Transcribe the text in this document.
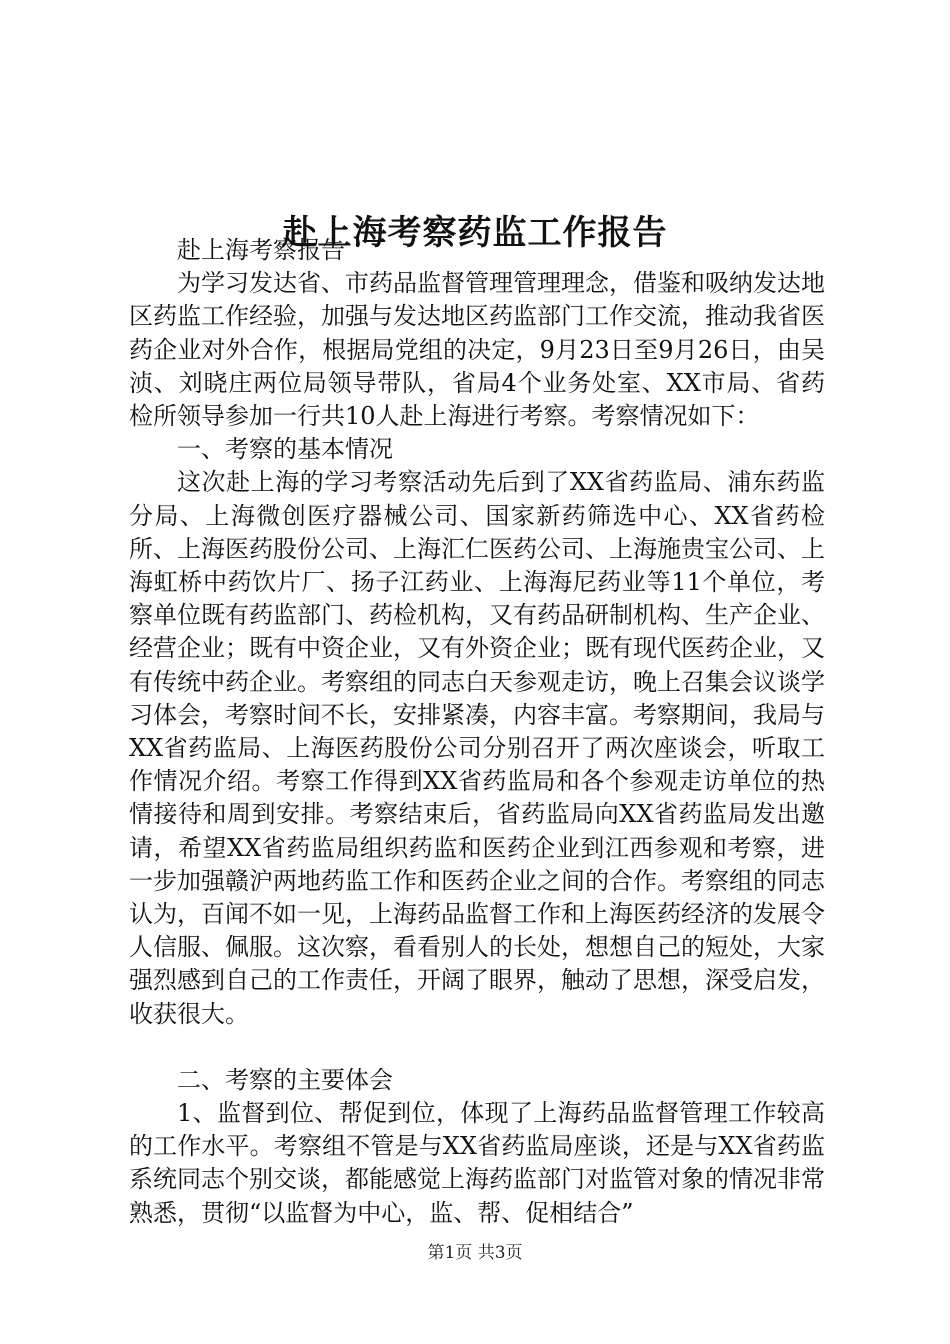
赴上海考察药监工作报告

赴上海考察报告

为学习发达省、市药品监督管理管理理念，借鉴和吸纳发达地区药监工作经验，加强与发达地区药监部门工作交流，推动我省医药企业对外合作，根据局党组的决定，9月23日至9月26日，由吴浈、刘晓庄两位局领导带队，省局4个业务处室、XX市局、省药检所领导参加一行共10人赴上海进行考察。考察情况如下：

一、考察的基本情况

这次赴上海的学习考察活动先后到了XX省药监局、浦东药监分局、上海微创医疗器械公司、国家新药筛选中心、XX省药检所、上海医药股份公司、上海汇仁医药公司、上海施贵宝公司、上海虹桥中药饮片厂、扬子江药业、上海海尼药业等11个单位，考察单位既有药监部门、药检机构，又有药品研制机构、生产企业、经营企业；既有中资企业，又有外资企业；既有现代医药企业，又有传统中药企业。考察组的同志白天参观走访，晚上召集会议谈学习体会，考察时间不长，安排紧凑，内容丰富。考察期间，我局与XX省药监局、上海医药股份公司分别召开了两次座谈会，听取工作情况介绍。考察工作得到XX省药监局和各个参观走访单位的热情接待和周到安排。考察结束后，省药监局向XX省药监局发出邀请，希望XX省药监局组织药监和医药企业到江西参观和考察，进一步加强赣沪两地药监工作和医药企业之间的合作。考察组的同志认为，百闻不如一见，上海药品监督工作和上海医药经济的发展令人信服、佩服。这次察，看看别人的长处，想想自己的短处，大家强烈感到自己的工作责任，开阔了眼界，触动了思想，深受启发，收获很大。

二、考察的主要体会

1、监督到位、帮促到位，体现了上海药品监督管理工作较高的工作水平。考察组不管是与XX省药监局座谈，还是与XX省药监系统同志个别交谈，都能感觉上海药监部门对监管对象的情况非常熟悉，贯彻“以监督为中心，监、帮、促相结合”

第1页 共3页
